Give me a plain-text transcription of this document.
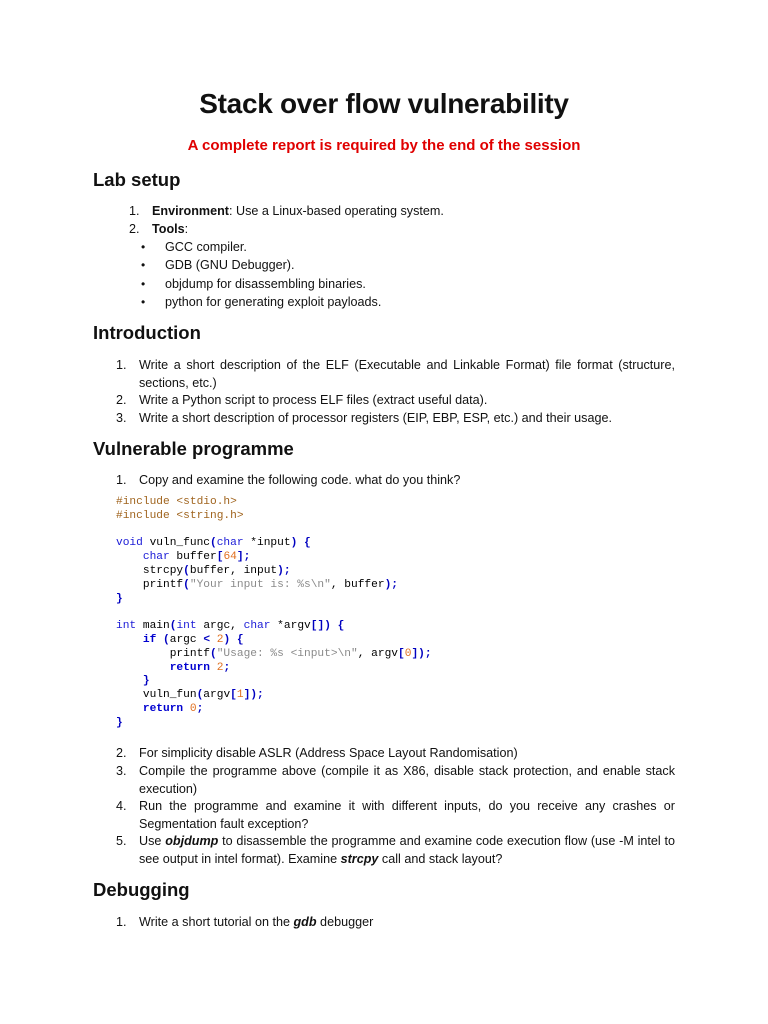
Stack over flow vulnerability

A complete report is required by the end of the session

Lab setup
1. Environment: Use a Linux-based operating system.

2. Tools:

• GCC compiler.

• GDB (GNU Debugger).

• objdump for disassembling binaries.

• python for generating exploit payloads.

Introduction
1. Write a short description of the ELF (Executable and Linkable Format) file format (structure, sections, etc.)

2. Write a Python script to process ELF files (extract useful data).

3. Write a short description of processor registers (EIP, EBP, ESP, etc.) and their usage.

Vulnerable programme
1. Copy and examine the following code. what do you think?

#include <stdio.h>
#include <string.h>
void vuln_func(char *input) {
char buffer[64];
strcpy(buffer, input);
printf("Your input is: %s\n", buffer);
}
int main(int argc, char *argv[]) {
if (argc < 2) {
printf("Usage: %s <input>\n", argv[0]);
return 2;
}
vuln_fun(argv[1]);
return 0;
}
2. For simplicity disable ASLR (Address Space Layout Randomisation)

3. Compile the programme above (compile it as X86, disable stack protection, and enable stack execution)

4. Run the programme and examine it with different inputs, do you receive any crashes or Segmentation fault exception?

5. Use objdump to disassemble the programme and examine code execution flow (use -M intel to see output in intel format). Examine strcpy call and stack layout?

Debugging
1. Write a short tutorial on the gdb debugger
